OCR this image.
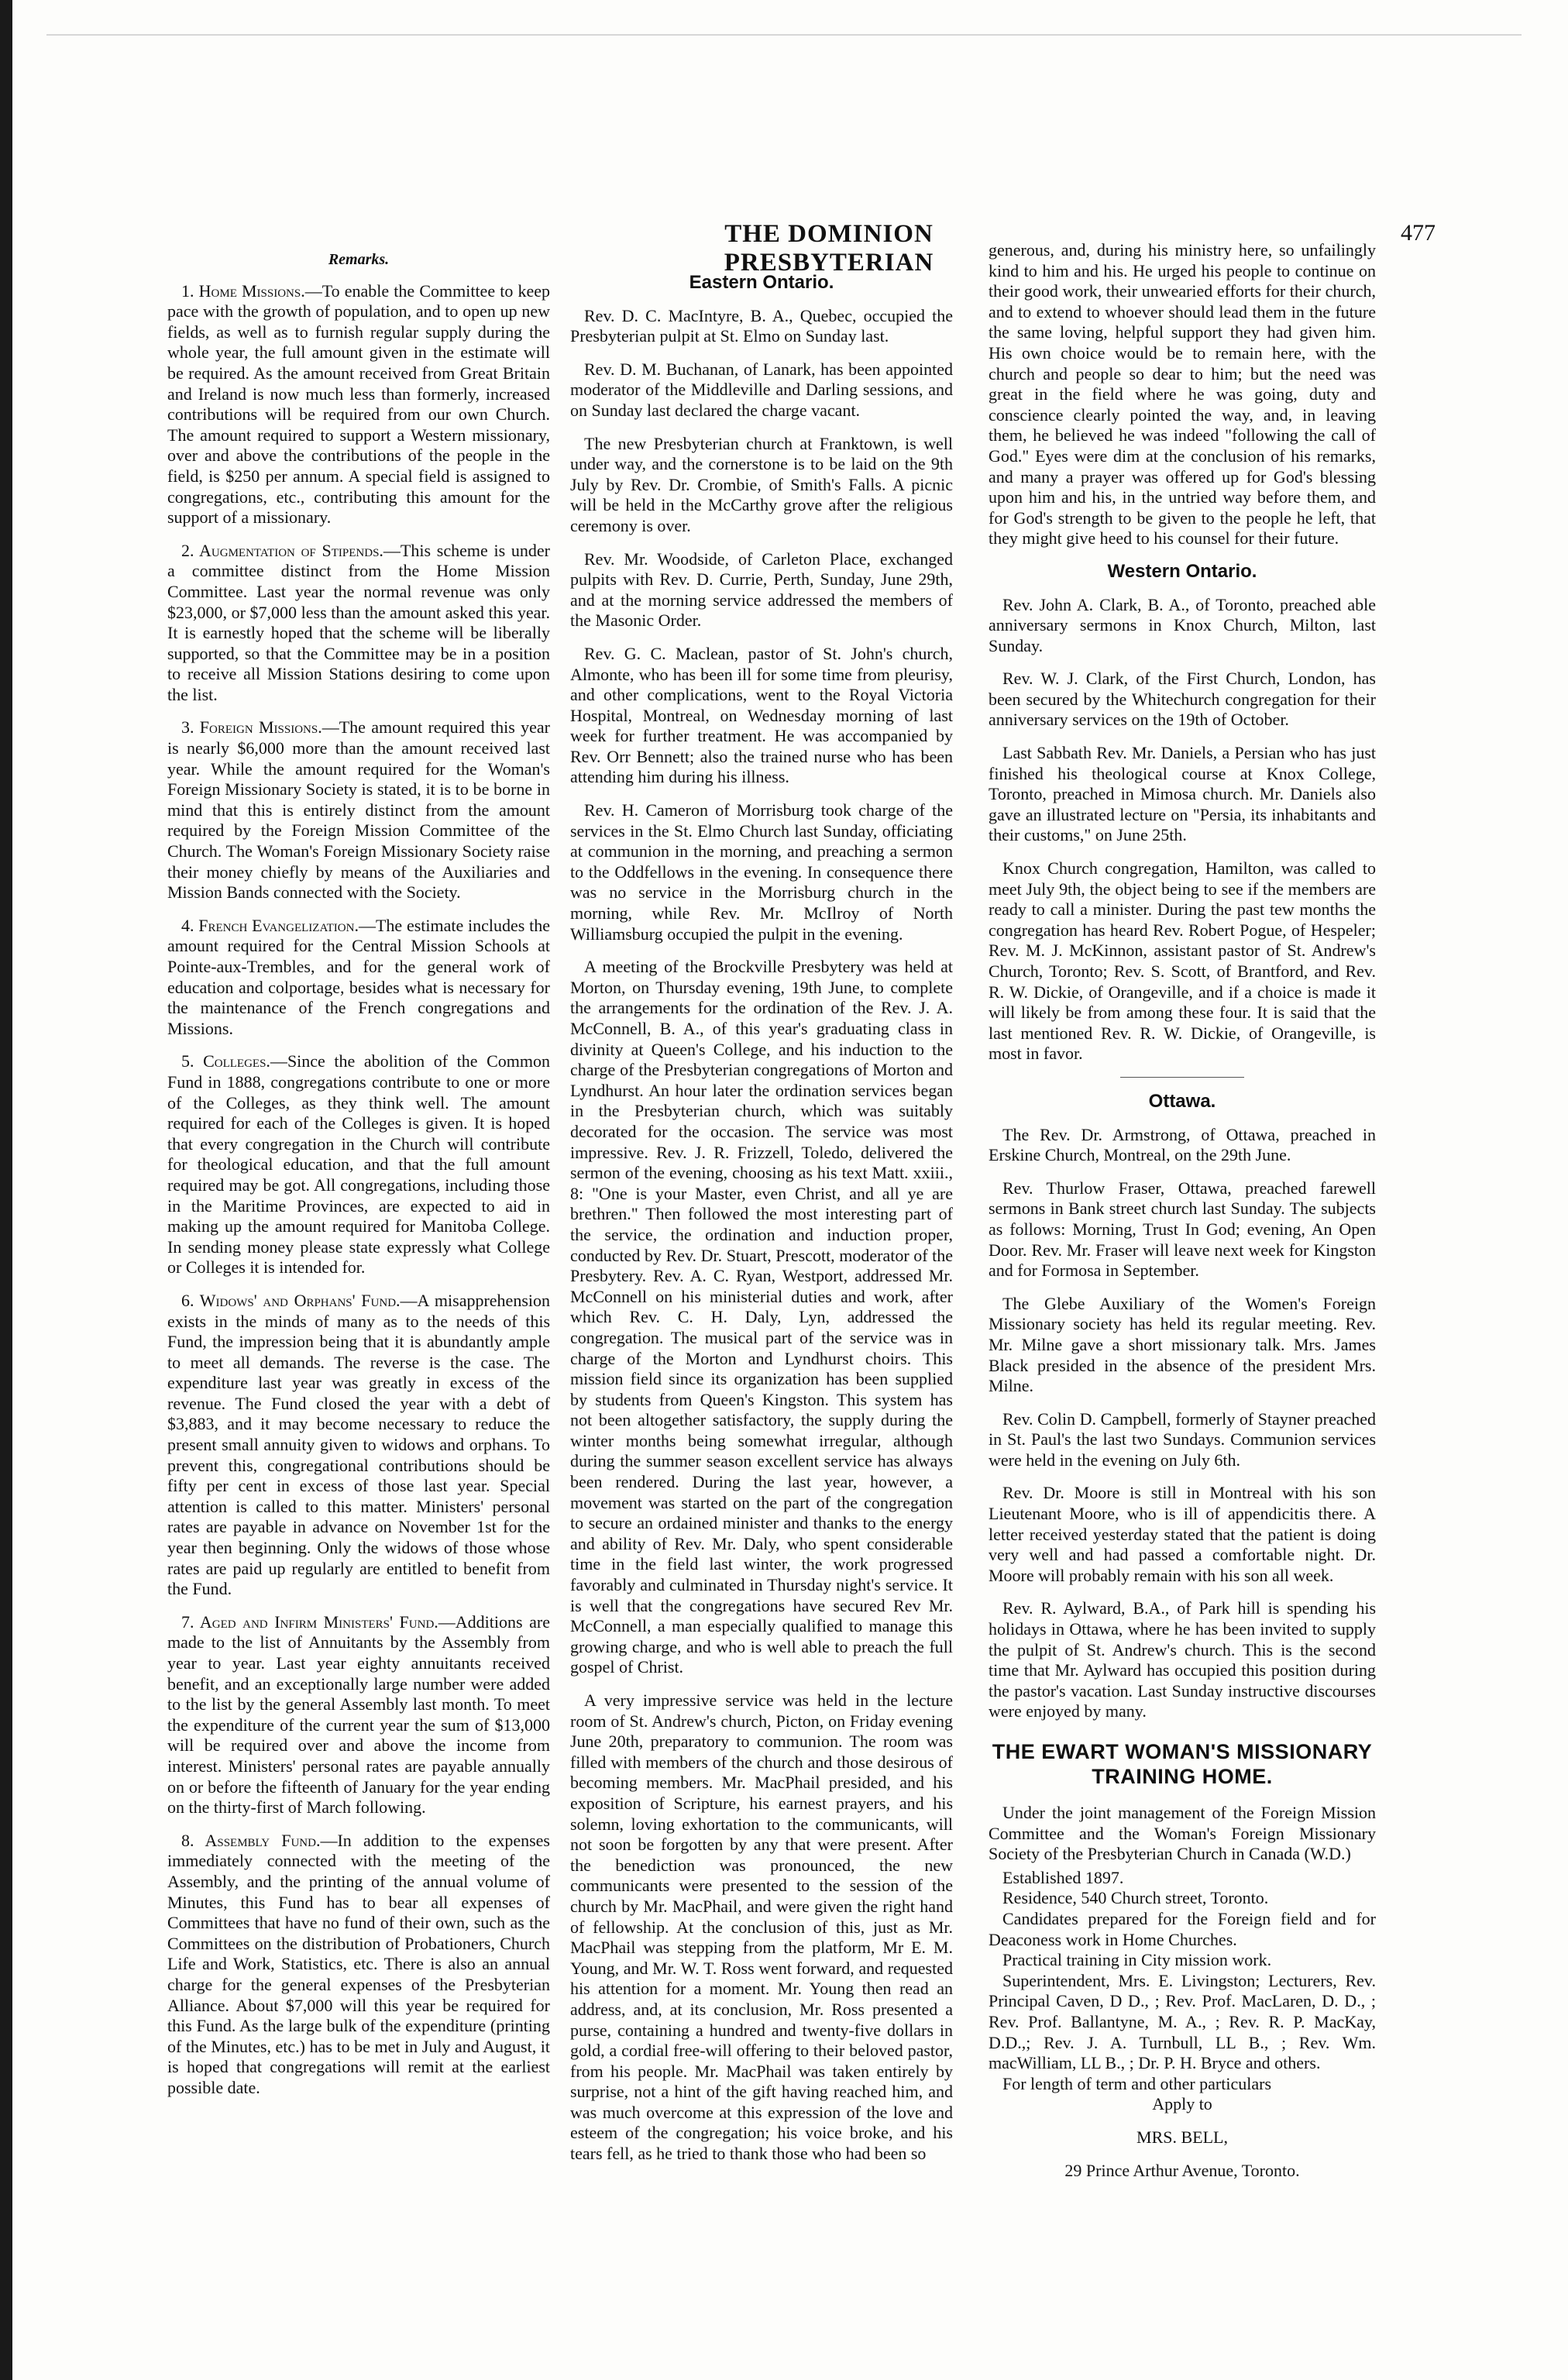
THE DOMINION PRESBYTERIAN
477
Remarks.

1. Home Missions.—To enable the Committee to keep pace with the growth of population, and to open up new fields, as well as to furnish regular supply during the whole year, the full amount given in the estimate will be required. As the amount received from Great Britain and Ireland is now much less than formerly, increased contributions will be required from our own Church. The amount required to support a Western missionary, over and above the contributions of the people in the field, is $250 per annum. A special field is assigned to congregations, etc., contributing this amount for the support of a missionary.

2. Augmentation of Stipends.—This scheme is under a committee distinct from the Home Mission Committee. Last year the normal revenue was only $23,000, or $7,000 less than the amount asked this year. It is earnestly hoped that the scheme will be liberally supported, so that the Committee may be in a position to receive all Mission Stations desiring to come upon the list.

3. Foreign Missions.—The amount required this year is nearly $6,000 more than the amount received last year. While the amount required for the Woman's Foreign Missionary Society is stated, it is to be borne in mind that this is entirely distinct from the amount required by the Foreign Mission Committee of the Church. The Woman's Foreign Missionary Society raise their money chiefly by means of the Auxiliaries and Mission Bands connected with the Society.

4. French Evangelization.—The estimate includes the amount required for the Central Mission Schools at Pointe-aux-Trembles, and for the general work of education and colportage, besides what is necessary for the maintenance of the French congregations and Missions.

5. Colleges.—Since the abolition of the Common Fund in 1888, congregations contribute to one or more of the Colleges, as they think well. The amount required for each of the Colleges is given. It is hoped that every congregation in the Church will contribute for theological education, and that the full amount required may be got. All congregations, including those in the Maritime Provinces, are expected to aid in making up the amount required for Manitoba College. In sending money please state expressly what College or Colleges it is intended for.

6. Widows' and Orphans' Fund.—A misapprehension exists in the minds of many as to the needs of this Fund, the impression being that it is abundantly ample to meet all demands. The reverse is the case. The expenditure last year was greatly in excess of the revenue. The Fund closed the year with a debt of $3,883, and it may become necessary to reduce the present small annuity given to widows and orphans. To prevent this, congregational contributions should be fifty per cent in excess of those last year. Special attention is called to this matter. Ministers' personal rates are payable in advance on November 1st for the year then beginning. Only the widows of those whose rates are paid up regularly are entitled to benefit from the Fund.

7. Aged and Infirm Ministers' Fund.—Additions are made to the list of Annuitants by the Assembly from year to year. Last year eighty annuitants received benefit, and an exceptionally large number were added to the list by the general Assembly last month. To meet the expenditure of the current year the sum of $13,000 will be required over and above the income from interest. Ministers' personal rates are payable annually on or before the fifteenth of January for the year ending on the thirty-first of March following.

8. Assembly Fund.—In addition to the expenses immediately connected with the meeting of the Assembly, and the printing of the annual volume of Minutes, this Fund has to bear all expenses of Committees that have no fund of their own, such as the Committees on the distribution of Probationers, Church Life and Work, Statistics, etc. There is also an annual charge for the general expenses of the Presbyterian Alliance. About $7,000 will this year be required for this Fund. As the large bulk of the expenditure (printing of the Minutes, etc.) has to be met in July and August, it is hoped that congregations will remit at the earliest possible date.

Eastern Ontario.

Rev. D. C. MacIntyre, B. A., Quebec, occupied the Presbyterian pulpit at St. Elmo on Sunday last.

Rev. D. M. Buchanan, of Lanark, has been appointed moderator of the Middleville and Darling sessions, and on Sunday last declared the charge vacant.

The new Presbyterian church at Franktown, is well under way, and the cornerstone is to be laid on the 9th July by Rev. Dr. Crombie, of Smith's Falls. A picnic will be held in the McCarthy grove after the religious ceremony is over.

Rev. Mr. Woodside, of Carleton Place, exchanged pulpits with Rev. D. Currie, Perth, Sunday, June 29th, and at the morning service addressed the members of the Masonic Order.

Rev. G. C. Maclean, pastor of St. John's church, Almonte, who has been ill for some time from pleurisy, and other complications, went to the Royal Victoria Hospital, Montreal, on Wednesday morning of last week for further treatment. He was accompanied by Rev. Orr Bennett; also the trained nurse who has been attending him during his illness.

Rev. H. Cameron of Morrisburg took charge of the services in the St. Elmo Church last Sunday, officiating at communion in the morning, and preaching a sermon to the Oddfellows in the evening. In consequence there was no service in the Morrisburg church in the morning, while Rev. Mr. McIlroy of North Williamsburg occupied the pulpit in the evening.

A meeting of the Brockville Presbytery was held at Morton, on Thursday evening, 19th June, to complete the arrangements for the ordination of the Rev. J. A. McConnell, B. A., of this year's graduating class in divinity at Queen's College, and his induction to the charge of the Presbyterian congregations of Morton and Lyndhurst. An hour later the ordination services began in the Presbyterian church, which was suitably decorated for the occasion. The service was most impressive. Rev. J. R. Frizzell, Toledo, delivered the sermon of the evening, choosing as his text Matt. xxiii., 8: "One is your Master, even Christ, and all ye are brethren." Then followed the most interesting part of the service, the ordination and induction proper, conducted by Rev. Dr. Stuart, Prescott, moderator of the Presbytery. Rev. A. C. Ryan, Westport, addressed Mr. McConnell on his ministerial duties and work, after which Rev. C. H. Daly, Lyn, addressed the congregation. The musical part of the service was in charge of the Morton and Lyndhurst choirs. This mission field since its organization has been supplied by students from Queen's Kingston. This system has not been altogether satisfactory, the supply during the winter months being somewhat irregular, although during the summer season excellent service has always been rendered. During the last year, however, a movement was started on the part of the congregation to secure an ordained minister and thanks to the energy and ability of Rev. Mr. Daly, who spent considerable time in the field last winter, the work progressed favorably and culminated in Thursday night's service. It is well that the congregations have secured Rev Mr. McConnell, a man especially qualified to manage this growing charge, and who is well able to preach the full gospel of Christ.

A very impressive service was held in the lecture room of St. Andrew's church, Picton, on Friday evening June 20th, preparatory to communion. The room was filled with members of the church and those desirous of becoming members. Mr. MacPhail presided, and his exposition of Scripture, his earnest prayers, and his solemn, loving exhortation to the communicants, will not soon be forgotten by any that were present. After the benediction was pronounced, the new communicants were presented to the session of the church by Mr. MacPhail, and were given the right hand of fellowship. At the conclusion of this, just as Mr. MacPhail was stepping from the platform, Mr E. M. Young, and Mr. W. T. Ross went forward, and requested his attention for a moment. Mr. Young then read an address, and, at its conclusion, Mr. Ross presented a purse, containing a hundred and twenty-five dollars in gold, a cordial free-will offering to their beloved pastor, from his people. Mr. MacPhail was taken entirely by surprise, not a hint of the gift having reached him, and was much overcome at this expression of the love and esteem of the congregation; his voice broke, and his tears fell, as he tried to thank those who had been so

generous, and, during his ministry here, so unfailingly kind to him and his. He urged his people to continue on their good work, their unwearied efforts for their church, and to extend to whoever should lead them in the future the same loving, helpful support they had given him. His own choice would be to remain here, with the church and people so dear to him; but the need was great in the field where he was going, duty and conscience clearly pointed the way, and, in leaving them, he believed he was indeed "following the call of God." Eyes were dim at the conclusion of his remarks, and many a prayer was offered up for God's blessing upon him and his, in the untried way before them, and for God's strength to be given to the people he left, that they might give heed to his counsel for their future.

Western Ontario.

Rev. John A. Clark, B. A., of Toronto, preached able anniversary sermons in Knox Church, Milton, last Sunday.

Rev. W. J. Clark, of the First Church, London, has been secured by the Whitechurch congregation for their anniversary services on the 19th of October.

Last Sabbath Rev. Mr. Daniels, a Persian who has just finished his theological course at Knox College, Toronto, preached in Mimosa church. Mr. Daniels also gave an illustrated lecture on "Persia, its inhabitants and their customs," on June 25th.

Knox Church congregation, Hamilton, was called to meet July 9th, the object being to see if the members are ready to call a minister. During the past tew months the congregation has heard Rev. Robert Pogue, of Hespeler; Rev. M. J. McKinnon, assistant pastor of St. Andrew's Church, Toronto; Rev. S. Scott, of Brantford, and Rev. R. W. Dickie, of Orangeville, and if a choice is made it will likely be from among these four. It is said that the last mentioned Rev. R. W. Dickie, of Orangeville, is most in favor.

Ottawa.

The Rev. Dr. Armstrong, of Ottawa, preached in Erskine Church, Montreal, on the 29th June.

Rev. Thurlow Fraser, Ottawa, preached farewell sermons in Bank street church last Sunday. The subjects as follows: Morning, Trust In God; evening, An Open Door. Rev. Mr. Fraser will leave next week for Kingston and for Formosa in September.

The Glebe Auxiliary of the Women's Foreign Missionary society has held its regular meeting. Rev. Mr. Milne gave a short missionary talk. Mrs. James Black presided in the absence of the president Mrs. Milne.

Rev. Colin D. Campbell, formerly of Stayner preached in St. Paul's the last two Sundays. Communion services were held in the evening on July 6th.

Rev. Dr. Moore is still in Montreal with his son Lieutenant Moore, who is ill of appendicitis there. A letter received yesterday stated that the patient is doing very well and had passed a comfortable night. Dr. Moore will probably remain with his son all week.

Rev. R. Aylward, B.A., of Park hill is spending his holidays in Ottawa, where he has been invited to supply the pulpit of St. Andrew's church. This is the second time that Mr. Aylward has occupied this position during the pastor's vacation. Last Sunday instructive discourses were enjoyed by many.

THE EWART WOMAN'S MISSIONARY TRAINING HOME.

Under the joint management of the Foreign Mission Committee and the Woman's Foreign Missionary Society of the Presbyterian Church in Canada (W.D.)

Established 1897.

Residence, 540 Church street, Toronto.

Candidates prepared for the Foreign field and for Deaconess work in Home Churches.

Practical training in City mission work.

Superintendent, Mrs. E. Livingston; Lecturers, Rev. Principal Caven, D D., ; Rev. Prof. MacLaren, D. D., ; Rev. Prof. Ballantyne, M. A., ; Rev. R. P. MacKay, D.D.,; Rev. J. A. Turnbull, LL B., ; Rev. Wm. macWilliam, LL B., ; Dr. P. H. Bryce and others.

For length of term and other particulars

Apply to

MRS. BELL,

29 Prince Arthur Avenue, Toronto.
